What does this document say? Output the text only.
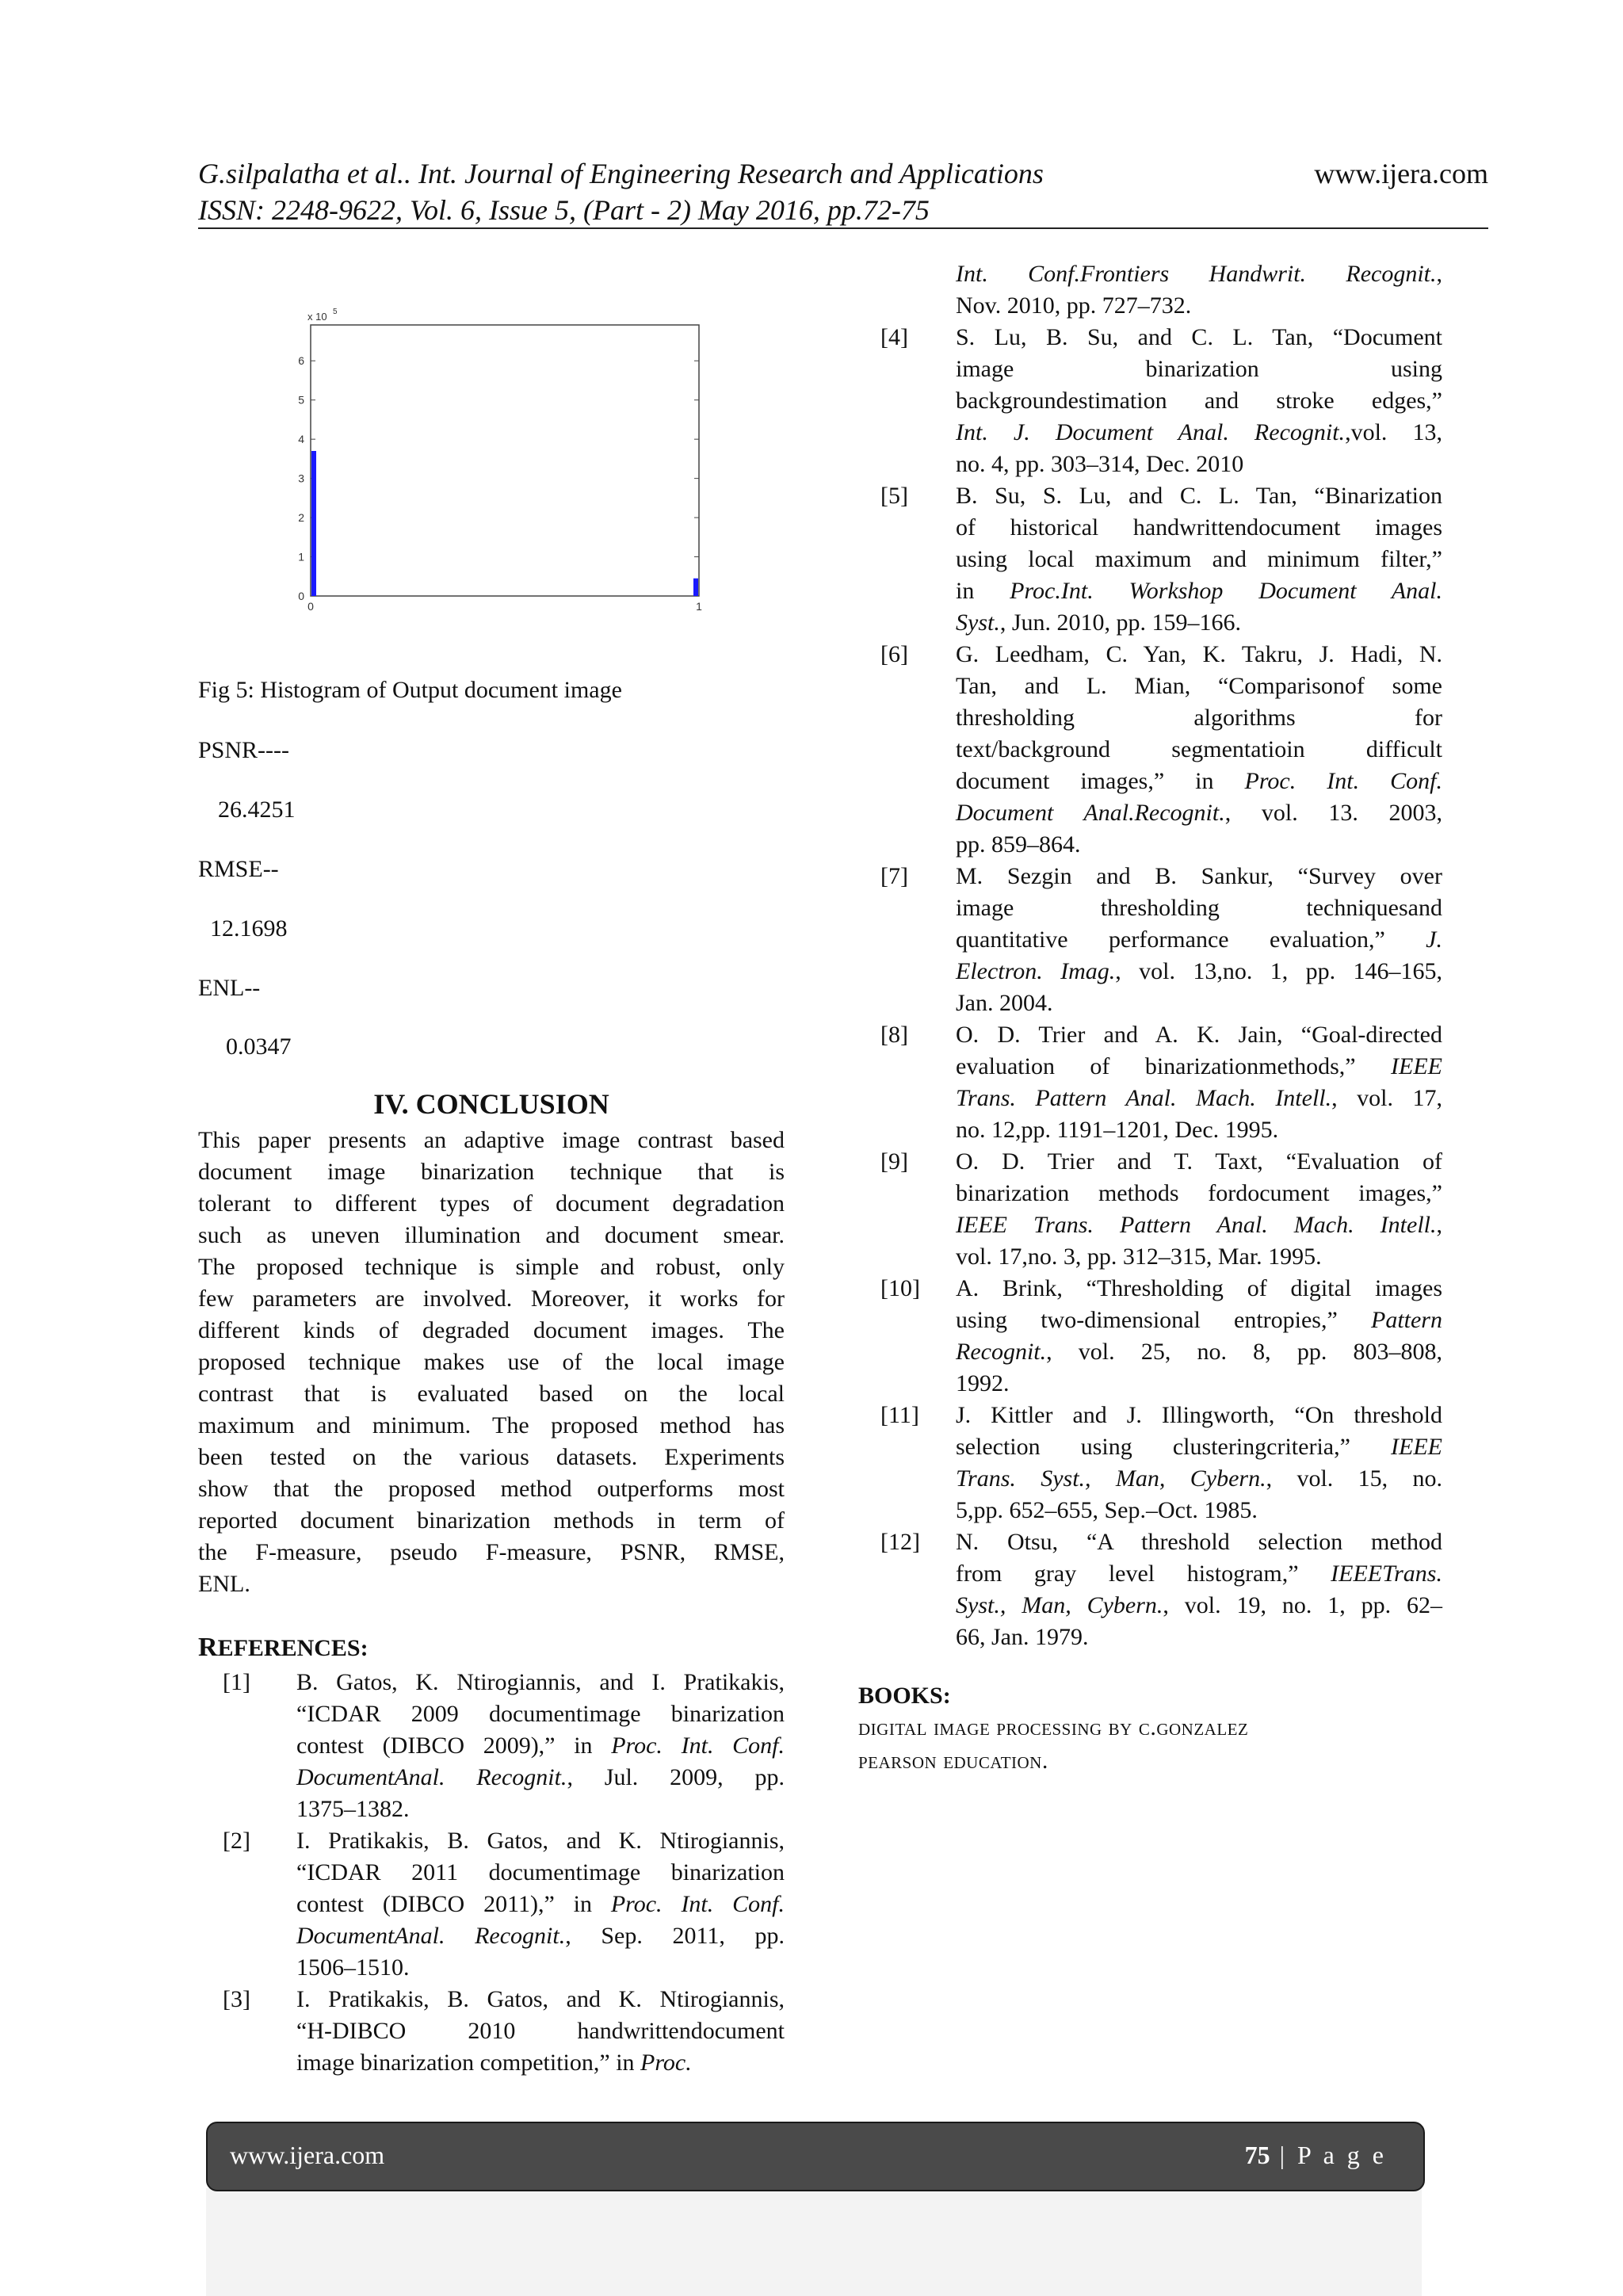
G.silpalatha et al.. Int. Journal of Engineering Research and Applications
ISSN: 2248-9622, Vol. 6, Issue 5, (Part - 2) May 2016, pp.72-75
www.ijera.com
0
1
2
3
4
5
6
x 10 5
0	1
Fig 5: Histogram of Output document image
PSNR----
26.4251
RMSE--
12.1698
ENL--
0.0347
IV. CONCLUSION
This paper presents an adaptive image contrast based
document image binarization technique that is
tolerant to different types of document degradation
such as uneven illumination and document smear.
The proposed technique is simple and robust, only
few parameters are involved. Moreover, it works for
different kinds of degraded document images. The
proposed technique makes use of the local image
contrast that is evaluated based on the local
maximum and minimum. The proposed method has
been tested on the various datasets. Experiments
show that the proposed method outperforms most
reported document binarization methods in term of
the F-measure, pseudo F-measure, PSNR, RMSE,
ENL.
REFERENCES:
[1] B. Gatos, K. Ntirogiannis, and I. Pratikakis,
“ICDAR 2009 documentimage binarization
contest (DIBCO 2009),” in Proc. Int. Conf.
DocumentAnal. Recognit., Jul. 2009, pp.
1375–1382.
[2] I. Pratikakis, B. Gatos, and K. Ntirogiannis,
“ICDAR 2011 documentimage binarization
contest (DIBCO 2011),” in Proc. Int. Conf.
DocumentAnal. Recognit., Sep. 2011, pp.
1506–1510.
[3] I. Pratikakis, B. Gatos, and K. Ntirogiannis,
“H-DIBCO 2010 handwrittendocument
image binarization competition,” in Proc.
Int. Conf.Frontiers Handwrit. Recognit.,
Nov. 2010, pp. 727–732.
[4] S. Lu, B. Su, and C. L. Tan, “Document
image binarization using
backgroundestimation and stroke edges,”
Int. J. Document Anal. Recognit.,vol. 13,
no. 4, pp. 303–314, Dec. 2010
[5] B. Su, S. Lu, and C. L. Tan, “Binarization
of historical handwrittendocument images
using local maximum and minimum filter,”
in Proc.Int. Workshop Document Anal.
Syst., Jun. 2010, pp. 159–166.
[6] G. Leedham, C. Yan, K. Takru, J. Hadi, N.
Tan, and L. Mian, “Comparisonof some
thresholding algorithms for
text/background segmentatioin difficult
document images,” in Proc. Int. Conf.
Document Anal.Recognit., vol. 13. 2003,
pp. 859–864.
[7] M. Sezgin and B. Sankur, “Survey over
image thresholding techniquesand
quantitative performance evaluation,” J.
Electron. Imag., vol. 13,no. 1, pp. 146–165,
Jan. 2004.
[8] O. D. Trier and A. K. Jain, “Goal-directed
evaluation of binarizationmethods,” IEEE
Trans. Pattern Anal. Mach. Intell., vol. 17,
no. 12,pp. 1191–1201, Dec. 1995.
[9] O. D. Trier and T. Taxt, “Evaluation of
binarization methods fordocument images,”
IEEE Trans. Pattern Anal. Mach. Intell.,
vol. 17,no. 3, pp. 312–315, Mar. 1995.
[10] A. Brink, “Thresholding of digital images
using two-dimensional entropies,” Pattern
Recognit., vol. 25, no. 8, pp. 803–808,
1992.
[11] J. Kittler and J. Illingworth, “On threshold
selection using clusteringcriteria,” IEEE
Trans. Syst., Man, Cybern., vol. 15, no.
5,pp. 652–655, Sep.–Oct. 1985.
[12] N. Otsu, “A threshold selection method
from gray level histogram,” IEEETrans.
Syst., Man, Cybern., vol. 19, no. 1, pp. 62–
66, Jan. 1979.
BOOKS:
digital image processing by c.gonzalez
pearson education.
www.ijera.com	75 | P a g e
